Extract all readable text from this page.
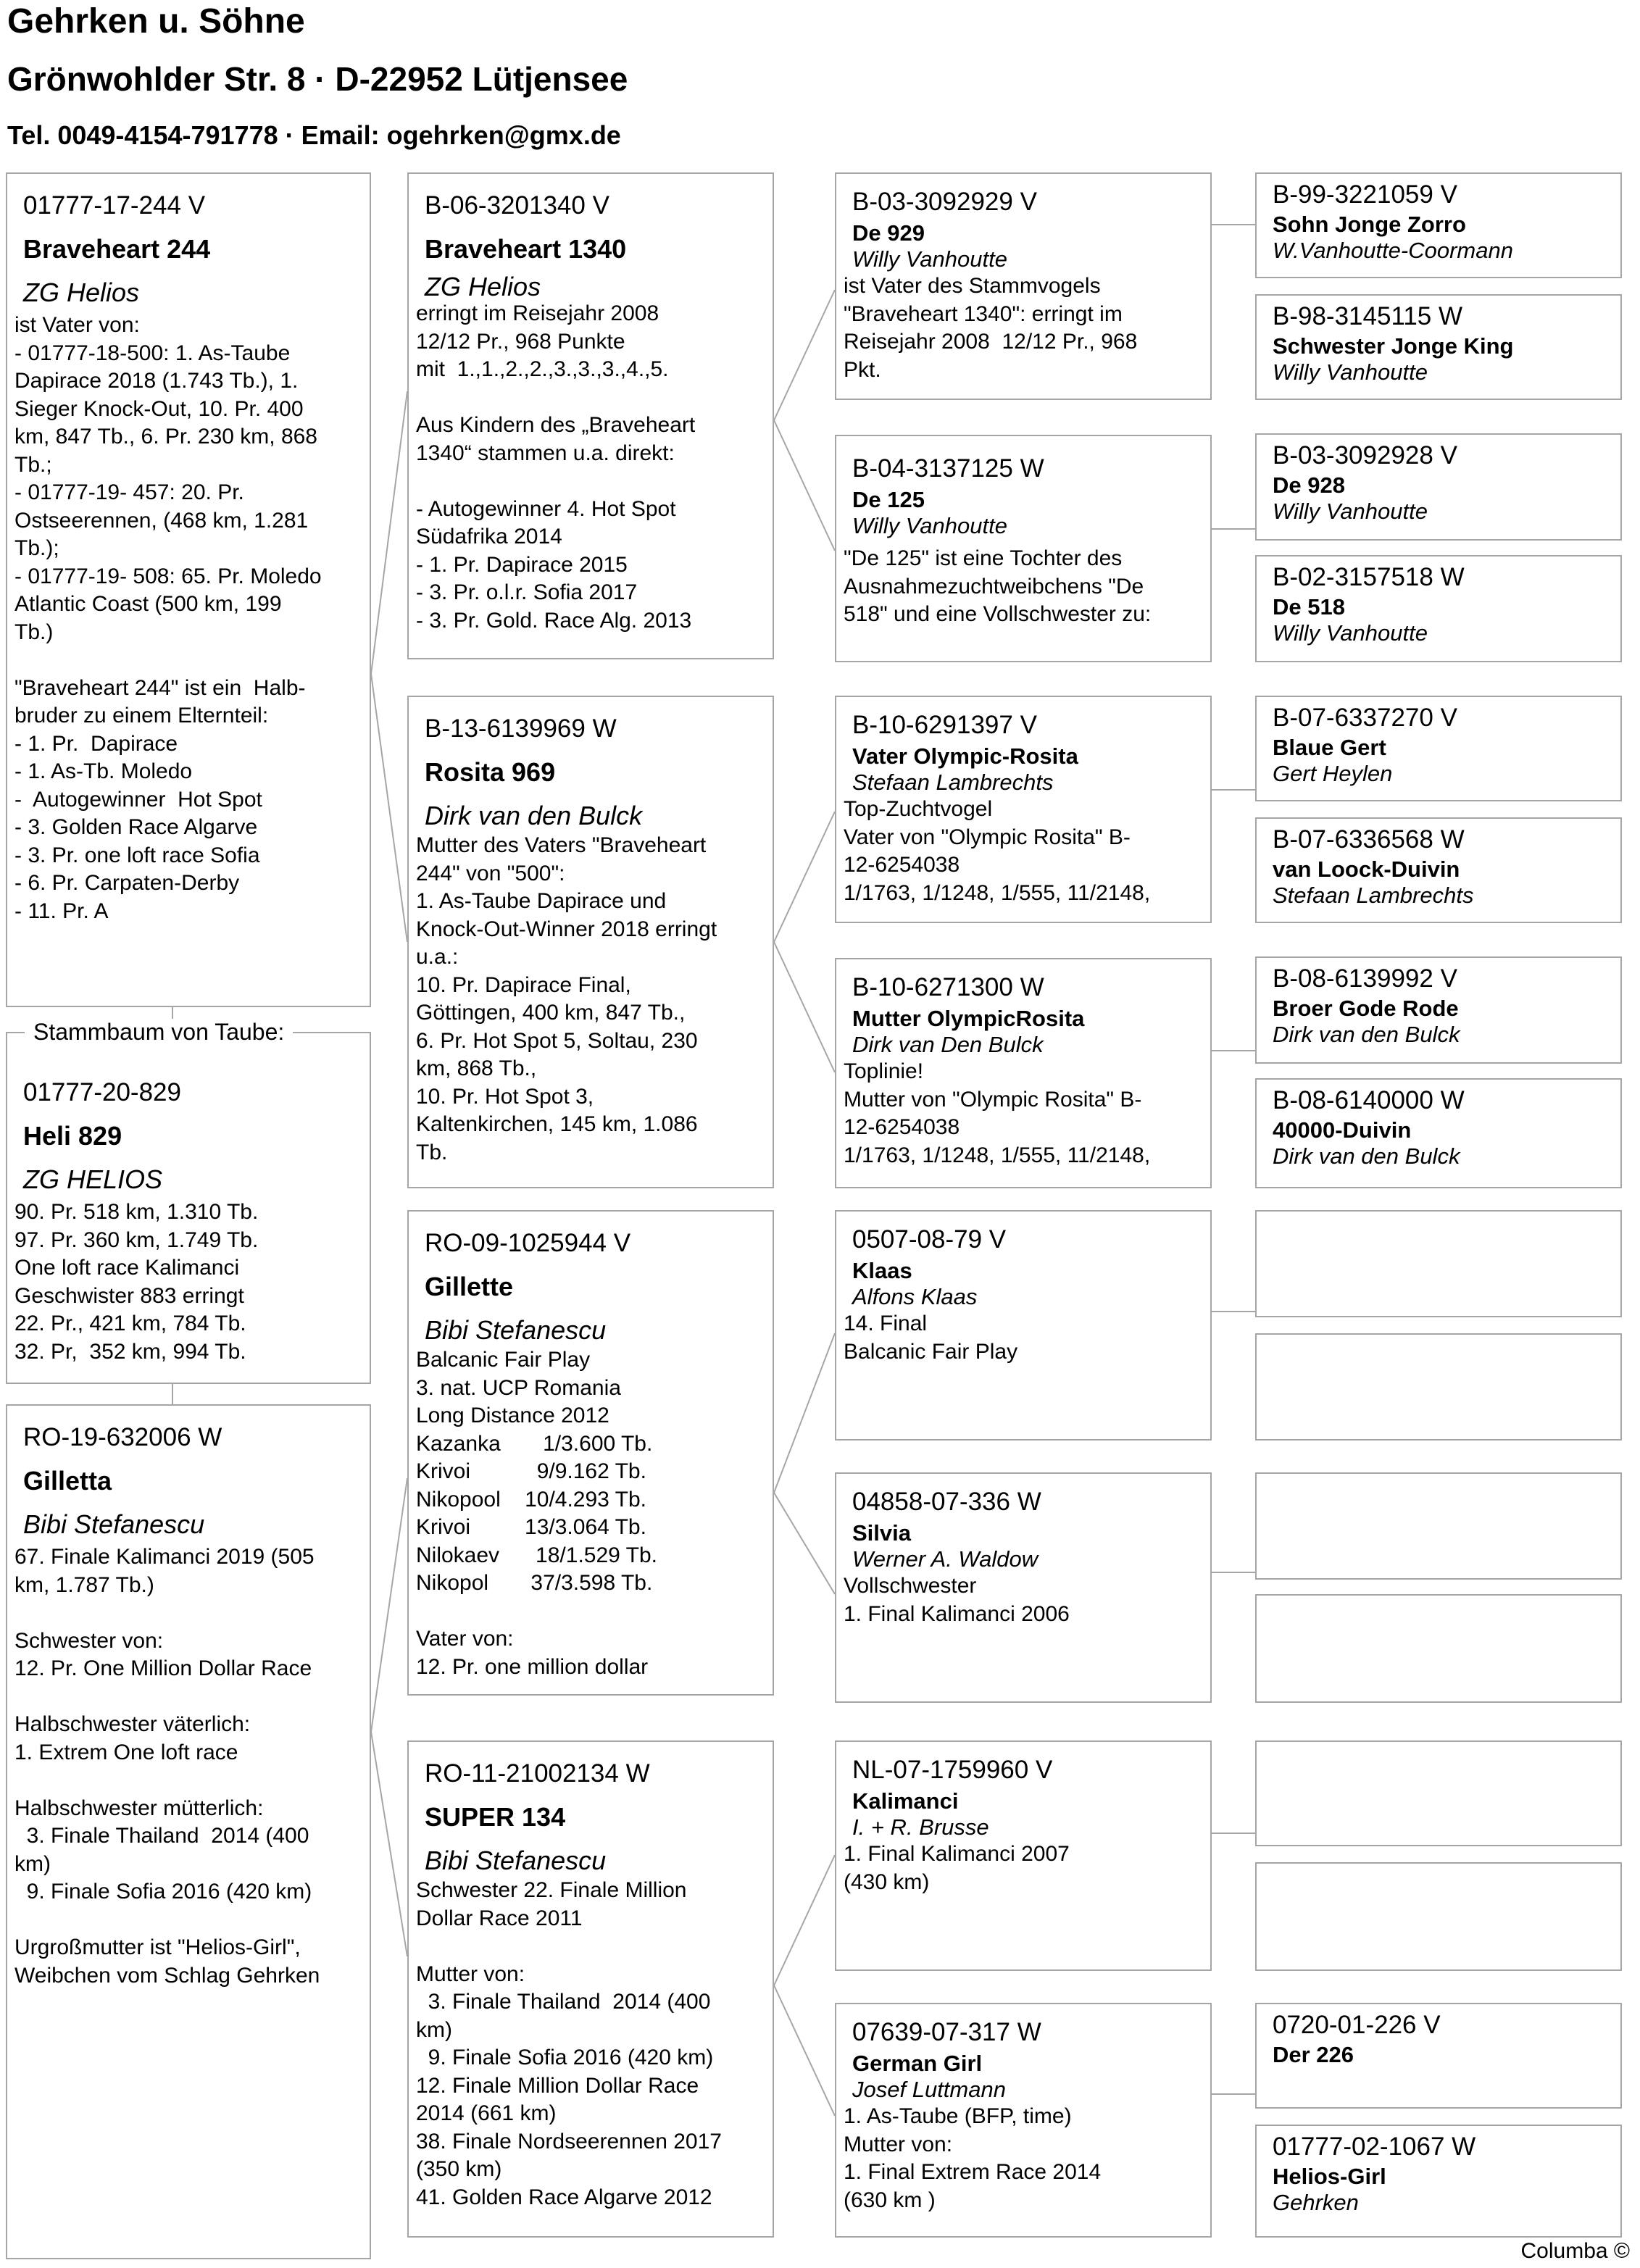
Gehrken u. Söhne
Grönwohlder Str. 8 · D-22952 Lütjensee
Tel. 0049-4154-791778 · Email: ogehrken@gmx.de
01777-17-244 V
Braveheart 244
ZG Helios
ist Vater von:
- 01777-18-500: 1. As-Taube
Dapirace 2018 (1.743 Tb.), 1.
Sieger Knock-Out, 10. Pr. 400
km, 847 Tb., 6. Pr. 230 km, 868
Tb.;
- 01777-19- 457: 20. Pr.
Ostseerennen, (468 km, 1.281
Tb.);
- 01777-19- 508: 65. Pr. Moledo
Atlantic Coast (500 km, 199
Tb.)

"Braveheart 244" ist ein  Halb-
bruder zu einem Elternteil:
- 1. Pr.  Dapirace
- 1. As-Tb. Moledo
-  Autogewinner  Hot Spot
- 3. Golden Race Algarve
- 3. Pr. one loft race Sofia
- 6. Pr. Carpaten-Derby
- 11. Pr. A
01777-20-829
Heli 829
ZG HELIOS
90. Pr. 518 km, 1.310 Tb.
97. Pr. 360 km, 1.749 Tb.
One loft race Kalimanci
Geschwister 883 erringt
22. Pr., 421 km, 784 Tb.
32. Pr,  352 km, 994 Tb.
Stammbaum von Taube:
RO-19-632006 W
Gilletta
Bibi Stefanescu
67. Finale Kalimanci 2019 (505
km, 1.787 Tb.)

Schwester von:
12. Pr. One Million Dollar Race

Halbschwester väterlich:
1. Extrem One loft race

Halbschwester mütterlich:
3. Finale Thailand  2014 (400
km)
9. Finale Sofia 2016 (420 km)

Urgroßmutter ist "Helios-Girl",
Weibchen vom Schlag Gehrken
B-06-3201340 V
Braveheart 1340
ZG Helios
erringt im Reisejahr 2008
12/12 Pr., 968 Punkte
mit  1.,1.,2.,2.,3.,3.,3.,4.,5.

Aus Kindern des „Braveheart
1340“ stammen u.a. direkt:

- Autogewinner 4. Hot Spot
Südafrika 2014
- 1. Pr. Dapirace 2015
- 3. Pr. o.l.r. Sofia 2017
- 3. Pr. Gold. Race Alg. 2013
B-13-6139969 W
Rosita 969
Dirk van den Bulck
Mutter des Vaters "Braveheart
244" von "500":
1. As-Taube Dapirace und
Knock-Out-Winner 2018 erringt
u.a.:
10. Pr. Dapirace Final,
Göttingen, 400 km, 847 Tb.,
6. Pr. Hot Spot 5, Soltau, 230
km, 868 Tb.,
10. Pr. Hot Spot 3,
Kaltenkirchen, 145 km, 1.086
Tb.
RO-09-1025944 V
Gillette
Bibi Stefanescu
Balcanic Fair Play
3. nat. UCP Romania
Long Distance 2012
Kazanka       1/3.600 Tb.
Krivoi           9/9.162 Tb.
Nikopool    10/4.293 Tb.
Krivoi         13/3.064 Tb.
Nilokaev      18/1.529 Tb.
Nikopol       37/3.598 Tb.

Vater von:
12. Pr. one million dollar
RO-11-21002134 W
SUPER 134
Bibi Stefanescu
Schwester 22. Finale Million
Dollar Race 2011

Mutter von:
3. Finale Thailand  2014 (400
km)
9. Finale Sofia 2016 (420 km)
12. Finale Million Dollar Race
2014 (661 km)
38. Finale Nordseerennen 2017
(350 km)
41. Golden Race Algarve 2012
B-03-3092929 V
De 929
Willy Vanhoutte
ist Vater des Stammvogels
"Braveheart 1340": erringt im
Reisejahr 2008  12/12 Pr., 968
Pkt.
B-04-3137125 W
De 125
Willy Vanhoutte
"De 125" ist eine Tochter des
Ausnahmezuchtweibchens "De
518" und eine Vollschwester zu:
B-10-6291397 V
Vater Olympic-Rosita
Stefaan Lambrechts
Top-Zuchtvogel
Vater von "Olympic Rosita" B-
12-6254038
1/1763, 1/1248, 1/555, 11/2148,
B-10-6271300 W
Mutter OlympicRosita
Dirk van Den Bulck
Toplinie!
Mutter von "Olympic Rosita" B-
12-6254038
1/1763, 1/1248, 1/555, 11/2148,
0507-08-79 V
Klaas
Alfons Klaas
14. Final
Balcanic Fair Play
04858-07-336 W
Silvia
Werner A. Waldow
Vollschwester
1. Final Kalimanci 2006
NL-07-1759960 V
Kalimanci
I. + R. Brusse
1. Final Kalimanci 2007
(430 km)
07639-07-317 W
German Girl
Josef Luttmann
1. As-Taube (BFP, time)
Mutter von:
1. Final Extrem Race 2014
(630 km )
B-99-3221059 V
Sohn Jonge Zorro
W.Vanhoutte-Coormann
B-98-3145115 W
Schwester Jonge King
Willy Vanhoutte
B-03-3092928 V
De 928
Willy Vanhoutte
B-02-3157518 W
De 518
Willy Vanhoutte
B-07-6337270 V
Blaue Gert
Gert Heylen
B-07-6336568 W
van Loock-Duivin
Stefaan Lambrechts
B-08-6139992 V
Broer Gode Rode
Dirk van den Bulck
B-08-6140000 W
40000-Duivin
Dirk van den Bulck
0720-01-226 V
Der 226
01777-02-1067 W
Helios-Girl
Gehrken
Columba ©
